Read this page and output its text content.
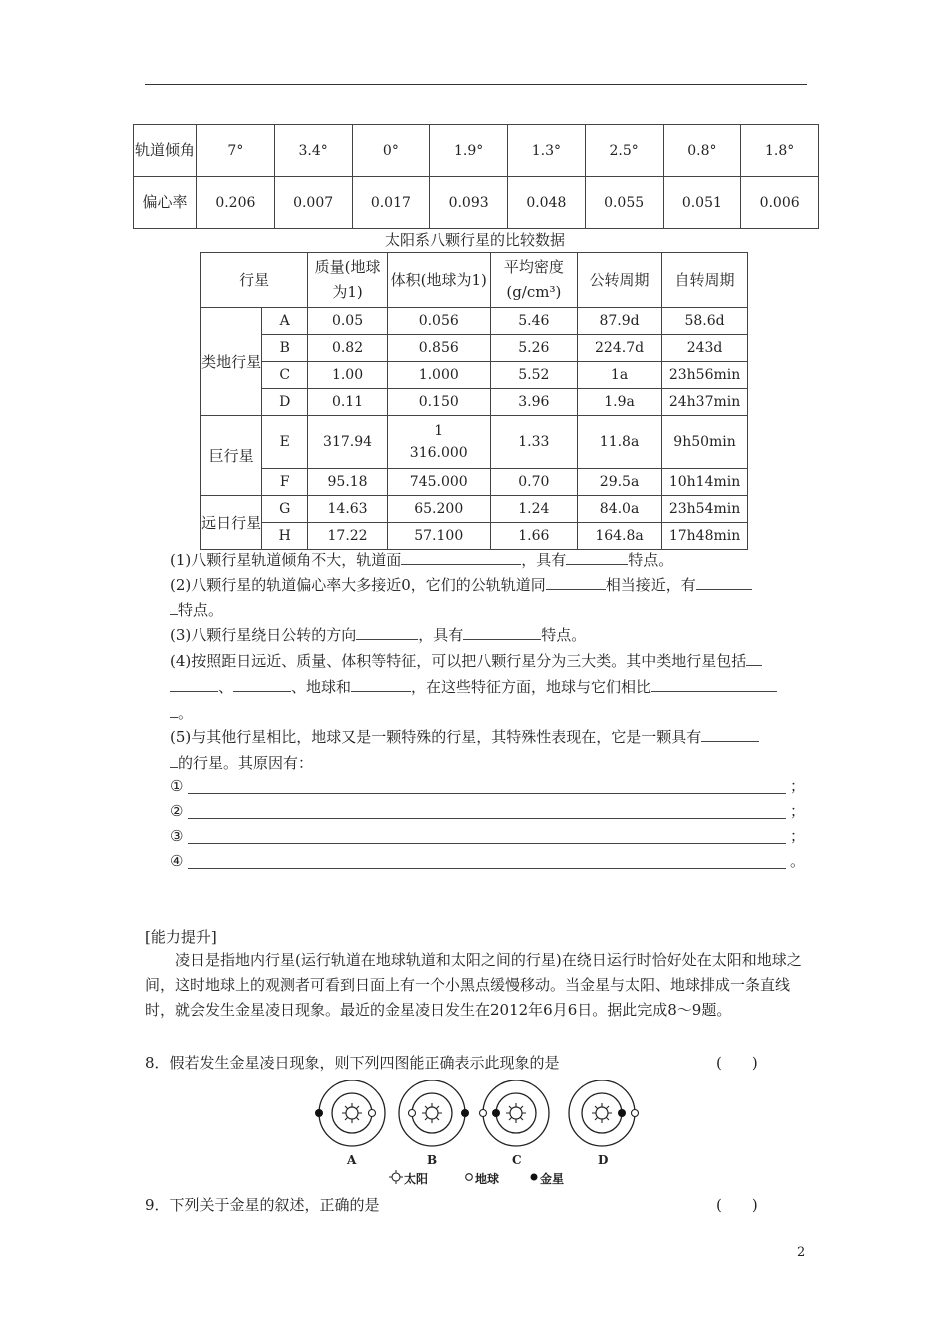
轨道倾角	7°	3.4°	0°	1.9°	1.3°	2.5°	0.8°	1.8°
偏心率	0.206	0.007	0.017	0.093	0.048	0.055	0.051	0.006
太阳系八颗行星的比较数据
行星		质量(地球为1)	体积(地球为1)	平均密度(g/cm³)	公转周期	自转周期
类地行星	A	0.05	0.056	5.46	87.9d	58.6d
	B	0.82	0.856	5.26	224.7d	243d
	C	1.00	1.000	5.52	1a	23h56min
	D	0.11	0.150	3.96	1.9a	24h37min
巨行星	E	317.94	1 316.000	1.33	11.8a	9h50min
	F	95.18	745.000	0.70	29.5a	10h14min
远日行星	G	14.63	65.200	1.24	84.0a	23h54min
	H	17.22	57.100	1.66	164.8a	17h48min
(1)八颗行星轨道倾角不大，轨道面	，具有	特点。
(2)八颗行星的轨道偏心率大多接近0，它们的公轨轨道同	相当接近，有
特点。
(3)八颗行星绕日公转的方向	，具有	特点。
(4)按照距日远近、质量、体积等特征，可以把八颗行星分为三大类。其中类地行星包括
、	、地球和	，在这些特征方面，地球与它们相比
。
(5)与其他行星相比，地球又是一颗特殊的行星，其特殊性表现在，它是一颗具有
的行星。其原因有：
①	；
②	；
③	；
④	。
[能力提升]
凌日是指地内行星(运行轨道在地球轨道和太阳之间的行星)在绕日运行时恰好处在太阳和地球之间，这时地球上的观测者可看到日面上有一个小黑点缓慢移动。当金星与太阳、地球排成一条直线时，就会发生金星凌日现象。最近的金星凌日发生在2012年6月6日。据此完成8～9题。
8．假若发生金星凌日现象，则下列四图能正确表示此现象的是	(　　)
A	B	C	D
太阳	地球	金星
9．下列关于金星的叙述，正确的是	(　　)
2
